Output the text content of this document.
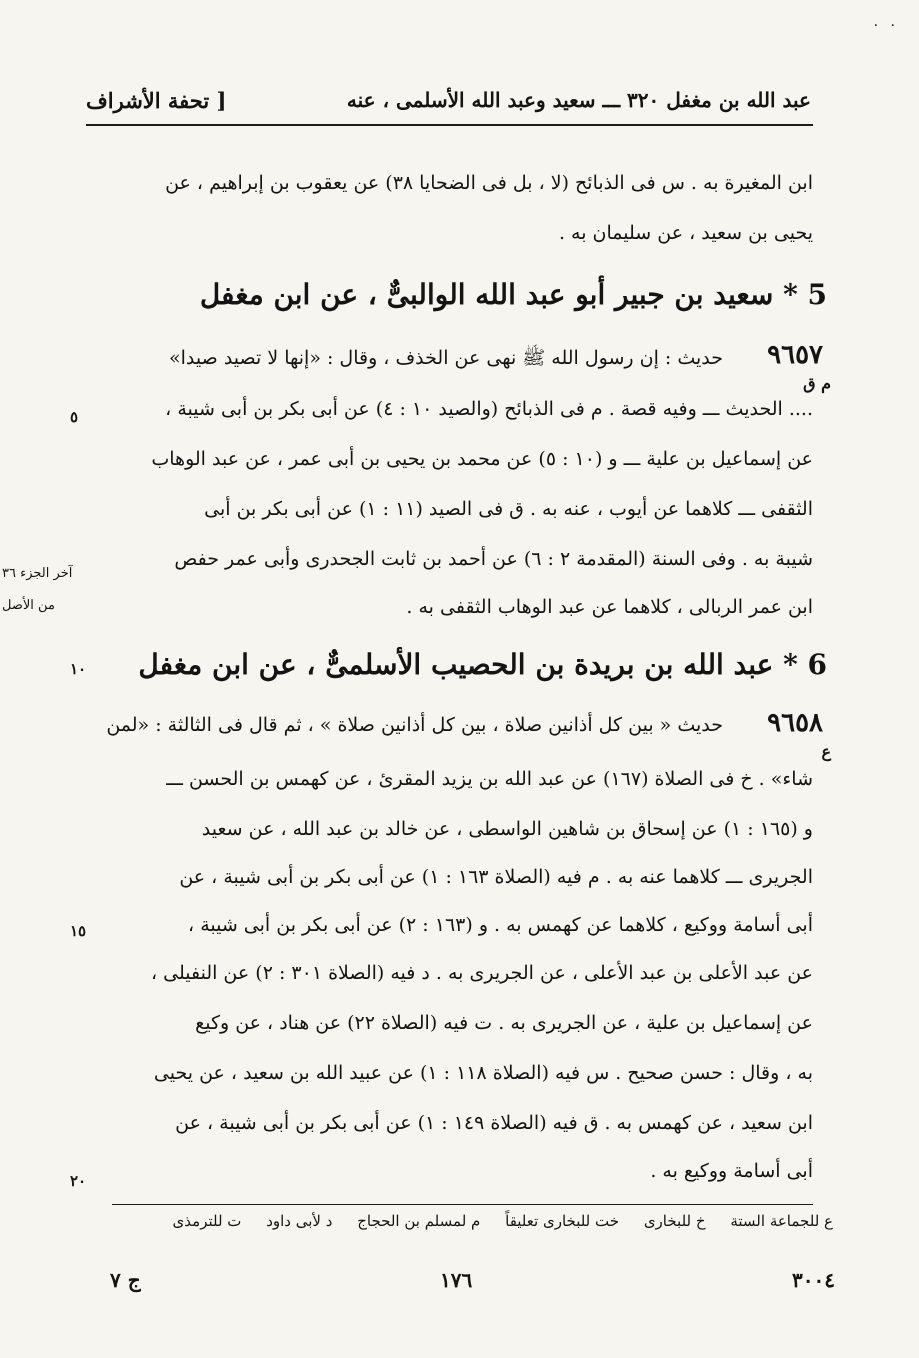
· ·
عبد الله بن مغفل ٣٢٠ ـــ سعيد وعبد الله الأسلمى ، عنه
[ تحفة الأشراف
ابن المغيرة به . س فى الذبائح (لا ، بل فى الضحايا ٣٨) عن يعقوب بن إبراهيم ، عن
يحيى بن سعيد ، عن سليمان به .
5 * سعيد بن جبير أبو عبد الله الوالبىٌّ ، عن ابن مغفل
٩٦٥٧
حديث : إن رسول الله ﷺ نهى عن الخذف ، وقال : «إنها لا تصيد صيدا»
م ق
.... الحديث ـــ وفيه قصة . م فى الذبائح (والصيد ١٠ : ٤) عن أبى بكر بن أبى شيبة ،
عن إسماعيل بن علية ـــ و (١٠ : ٥) عن محمد بن يحيى بن أبى عمر ، عن عبد الوهاب
الثقفى ـــ كلاهما عن أيوب ، عنه به . ق فى الصيد (١١ : ١) عن أبى بكر بن أبى
شيبة به . وفى السنة (المقدمة ٢ : ٦) عن أحمد بن ثابت الجحدرى وأبى عمر حفص
ابن عمر الربالى ، كلاهما عن عبد الوهاب الثقفى به .
آخر الجزء ٣٦
من الأصل
6 * عبد الله بن بريدة بن الحصيب الأسلمىٌّ ، عن ابن مغفل
٩٦٥٨
حديث « بين كل أذانين صلاة ، بين كل أذانين صلاة » ، ثم قال فى الثالثة : «لمن
ع
شاء» . خ فى الصلاة (١٦٧) عن عبد الله بن يزيد المقرئ ، عن كهمس بن الحسن ـــ
و (١٦٥ : ١) عن إسحاق بن شاهين الواسطى ، عن خالد بن عبد الله ، عن سعيد
الجريرى ـــ كلاهما عنه به . م فيه (الصلاة ١٦٣ : ١) عن أبى بكر بن أبى شيبة ، عن
أبى أسامة ووكيع ، كلاهما عن كهمس به . و (١٦٣ : ٢) عن أبى بكر بن أبى شيبة ،
عن عبد الأعلى بن عبد الأعلى ، عن الجريرى به . د فيه (الصلاة ٣٠١ : ٢) عن النفيلى ،
عن إسماعيل بن علية ، عن الجريرى به . ت فيه (الصلاة ٢٢) عن هناد ، عن وكيع
به ، وقال : حسن صحيح . س فيه (الصلاة ١١٨ : ١) عن عبيد الله بن سعيد ، عن يحيى
ابن سعيد ، عن كهمس به . ق فيه (الصلاة ١٤٩ : ١) عن أبى بكر بن أبى شيبة ، عن
أبى أسامة ووكيع به .
٥
١٠
١٥
٢٠
ع للجماعة الستة خ للبخارى خت للبخارى تعليقاً م لمسلم بن الحجاج د لأبى داود ت للترمذى
٣٠٠٤
١٧٦
ج ٧
